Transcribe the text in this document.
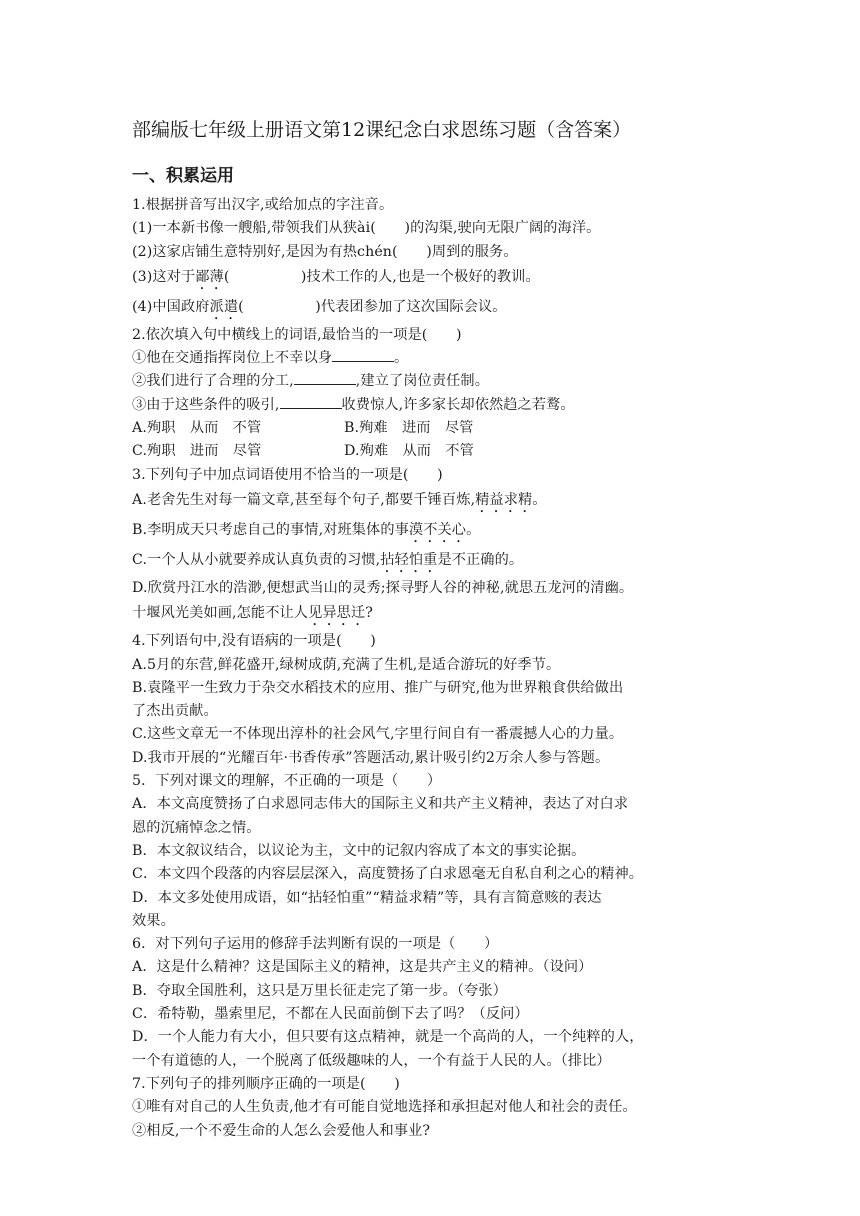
部编版七年级上册语文第12课纪念白求恩练习题（含答案）
一、积累运用
1.根据拼音写出汉字,或给加点的字注音。
(1)一本新书像一艘船,带领我们从狭ài(　　)的沟渠,驶向无限广阔的海洋。
(2)这家店铺生意特别好,是因为有热chén(　　)周到的服务。
(3)这对于鄙薄(　　　　　)技术工作的人,也是一个极好的教训。
(4)中国政府派遣(　　　　　)代表团参加了这次国际会议。
2.依次填入句中横线上的词语,最恰当的一项是(　　)
①他在交通指挥岗位上不幸以身	。
②我们进行了合理的分工,	,建立了岗位责任制。
③由于这些条件的吸引,	收费惊人,许多家长却依然趋之若鹜。
A.殉职　从而　不管	B.殉难　进而　尽管
C.殉职　进而　尽管	D.殉难　从而　不管
3.下列句子中加点词语使用不恰当的一项是(　　)
A.老舍先生对每一篇文章,甚至每个句子,都要千锤百炼,精益求精。
B.李明成天只考虑自己的事情,对班集体的事漠不关心。
C.一个人从小就要养成认真负责的习惯,拈轻怕重是不正确的。
D.欣赏丹江水的浩渺,便想武当山的灵秀;探寻野人谷的神秘,就思五龙河的清幽。
十堰风光美如画,怎能不让人见异思迁?
4.下列语句中,没有语病的一项是(　　)
A.5月的东营,鲜花盛开,绿树成荫,充满了生机,是适合游玩的好季节。
B.袁隆平一生致力于杂交水稻技术的应用、推广与研究,他为世界粮食供给做出
了杰出贡献。
C.这些文章无一不体现出淳朴的社会风气,字里行间自有一番震撼人心的力量。
D.我市开展的“光耀百年·书香传承”答题活动,累计吸引约2万余人参与答题。
5．下列对课文的理解，不正确的一项是（　　）
A．本文高度赞扬了白求恩同志伟大的国际主义和共产主义精神，表达了对白求
恩的沉痛悼念之情。
B．本文叙议结合，以议论为主，文中的记叙内容成了本文的事实论据。
C．本文四个段落的内容层层深入，高度赞扬了白求恩毫无自私自利之心的精神。
D．本文多处使用成语，如“拈轻怕重”“精益求精”等，具有言简意赅的表达
效果。
6．对下列句子运用的修辞手法判断有误的一项是（　　）
A．这是什么精神？这是国际主义的精神，这是共产主义的精神。（设问）
B．夺取全国胜利，这只是万里长征走完了第一步。（夸张）
C．希特勒，墨索里尼，不都在人民面前倒下去了吗？（反问）
D．一个人能力有大小，但只要有这点精神，就是一个高尚的人，一个纯粹的人，
一个有道德的人，一个脱离了低级趣味的人，一个有益于人民的人。（排比）
7.下列句子的排列顺序正确的一项是(　　)
①唯有对自己的人生负责,他才有可能自觉地选择和承担起对他人和社会的责任。
②相反,一个不爱生命的人怎么会爱他人和事业?
